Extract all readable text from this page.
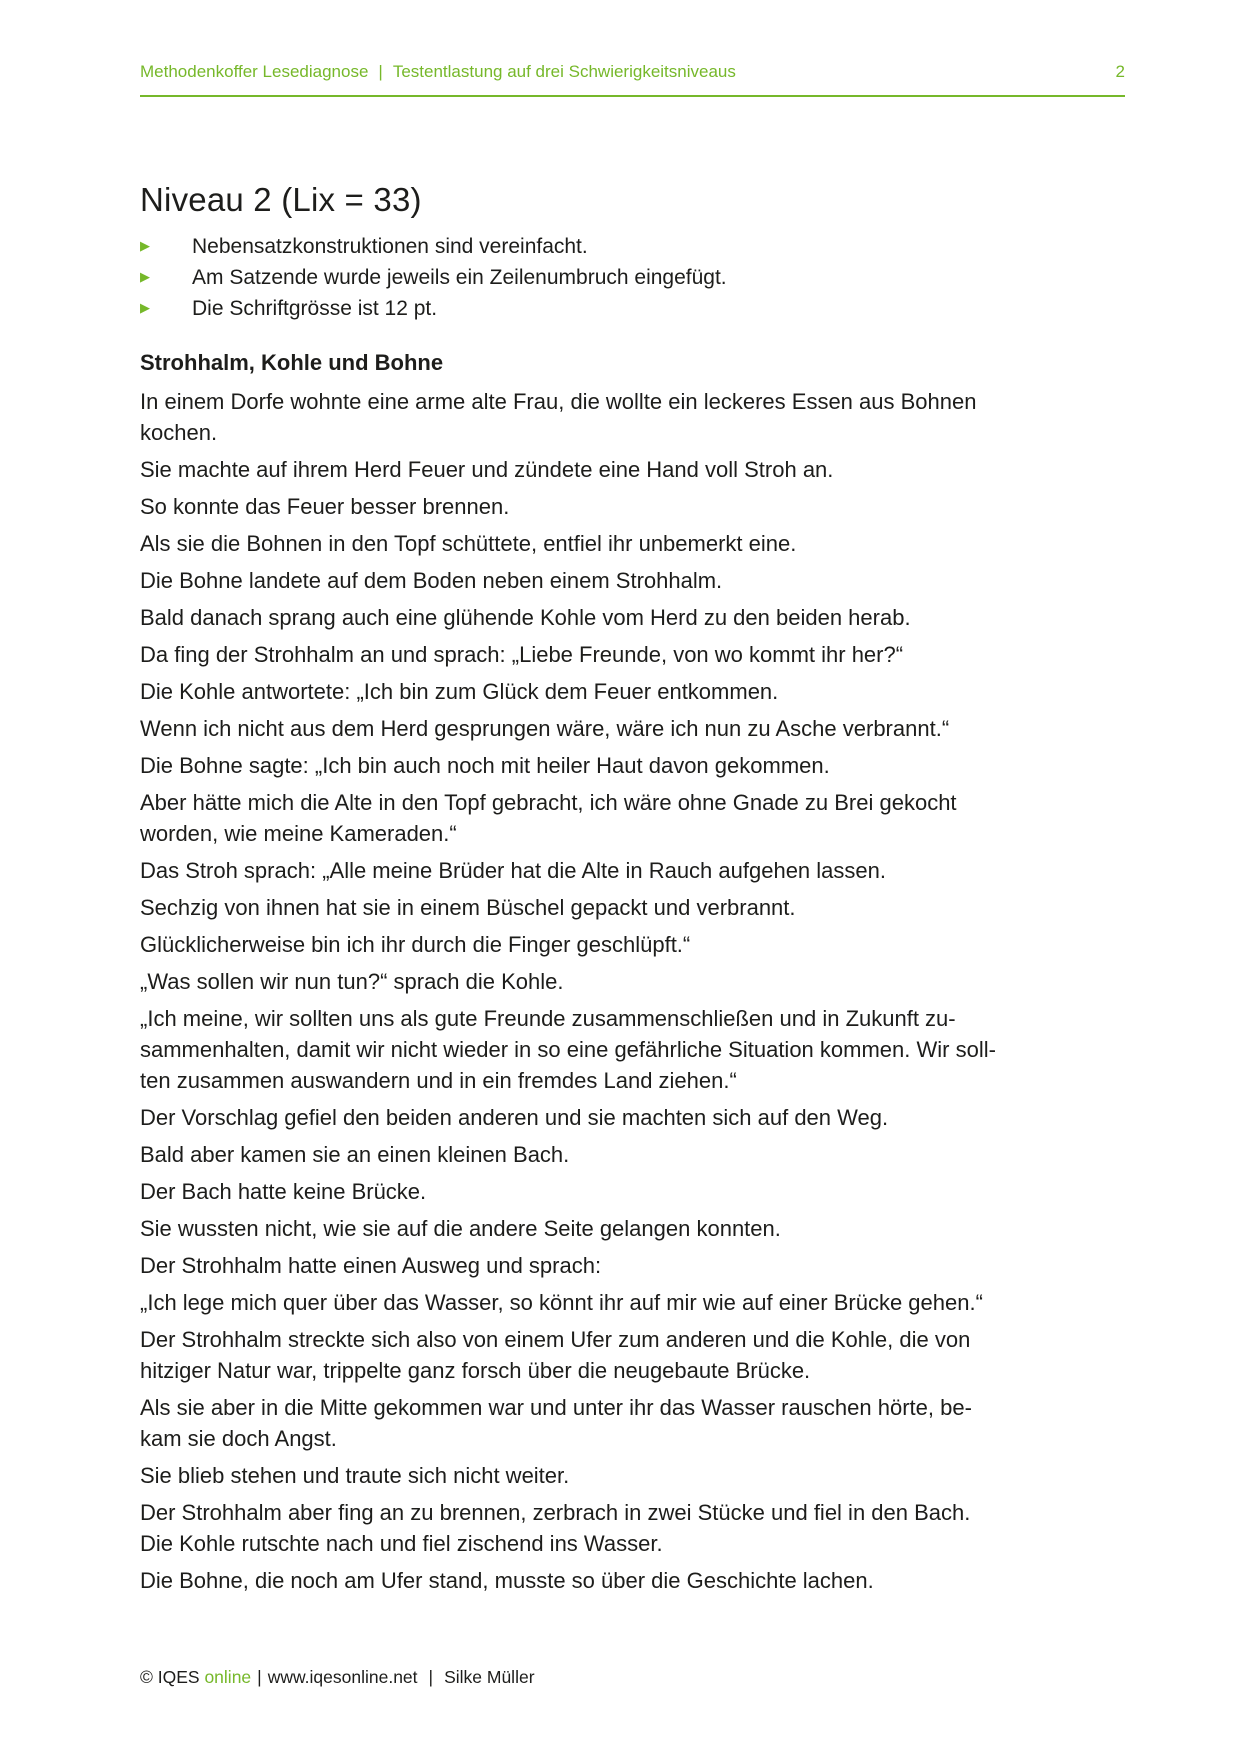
Methodenkoffer Lesediagnose | Testentlastung auf drei Schwierigkeitsniveaus	2
Niveau 2 (Lix = 33)
▶	Nebensatzkonstruktionen sind vereinfacht.
▶	Am Satzende wurde jeweils ein Zeilenumbruch eingefügt.
▶	Die Schriftgrösse ist 12 pt.
Strohhalm, Kohle und Bohne

In einem Dorfe wohnte eine arme alte Frau, die wollte ein leckeres Essen aus Bohnen
kochen.

Sie machte auf ihrem Herd Feuer und zündete eine Hand voll Stroh an.

So konnte das Feuer besser brennen.

Als sie die Bohnen in den Topf schüttete, entfiel ihr unbemerkt eine.

Die Bohne landete auf dem Boden neben einem Strohhalm.

Bald danach sprang auch eine glühende Kohle vom Herd zu den beiden herab.

Da fing der Strohhalm an und sprach: „Liebe Freunde, von wo kommt ihr her?“

Die Kohle antwortete: „Ich bin zum Glück dem Feuer entkommen.

Wenn ich nicht aus dem Herd gesprungen wäre, wäre ich nun zu Asche verbrannt.“

Die Bohne sagte: „Ich bin auch noch mit heiler Haut davon gekommen.

Aber hätte mich die Alte in den Topf gebracht, ich wäre ohne Gnade zu Brei gekocht
worden, wie meine Kameraden.“

Das Stroh sprach: „Alle meine Brüder hat die Alte in Rauch aufgehen lassen.

Sechzig von ihnen hat sie in einem Büschel gepackt und verbrannt.

Glücklicherweise bin ich ihr durch die Finger geschlüpft.“

„Was sollen wir nun tun?“ sprach die Kohle.

„Ich meine, wir sollten uns als gute Freunde zusammenschließen und in Zukunft zu-
sammenhalten, damit wir nicht wieder in so eine gefährliche Situation kommen. Wir soll-
ten zusammen auswandern und in ein fremdes Land ziehen.“

Der Vorschlag gefiel den beiden anderen und sie machten sich auf den Weg.

Bald aber kamen sie an einen kleinen Bach.

Der Bach hatte keine Brücke.

Sie wussten nicht, wie sie auf die andere Seite gelangen konnten.

Der Strohhalm hatte einen Ausweg und sprach:

„Ich lege mich quer über das Wasser, so könnt ihr auf mir wie auf einer Brücke gehen.“

Der Strohhalm streckte sich also von einem Ufer zum anderen und die Kohle, die von
hitziger Natur war, trippelte ganz forsch über die neugebaute Brücke.

Als sie aber in die Mitte gekommen war und unter ihr das Wasser rauschen hörte, be-
kam sie doch Angst.

Sie blieb stehen und traute sich nicht weiter.

Der Strohhalm aber fing an zu brennen, zerbrach in zwei Stücke und fiel in den Bach.
Die Kohle rutschte nach und fiel zischend ins Wasser.

Die Bohne, die noch am Ufer stand, musste so über die Geschichte lachen.

© IQES online | www.iqesonline.net | Silke Müller
